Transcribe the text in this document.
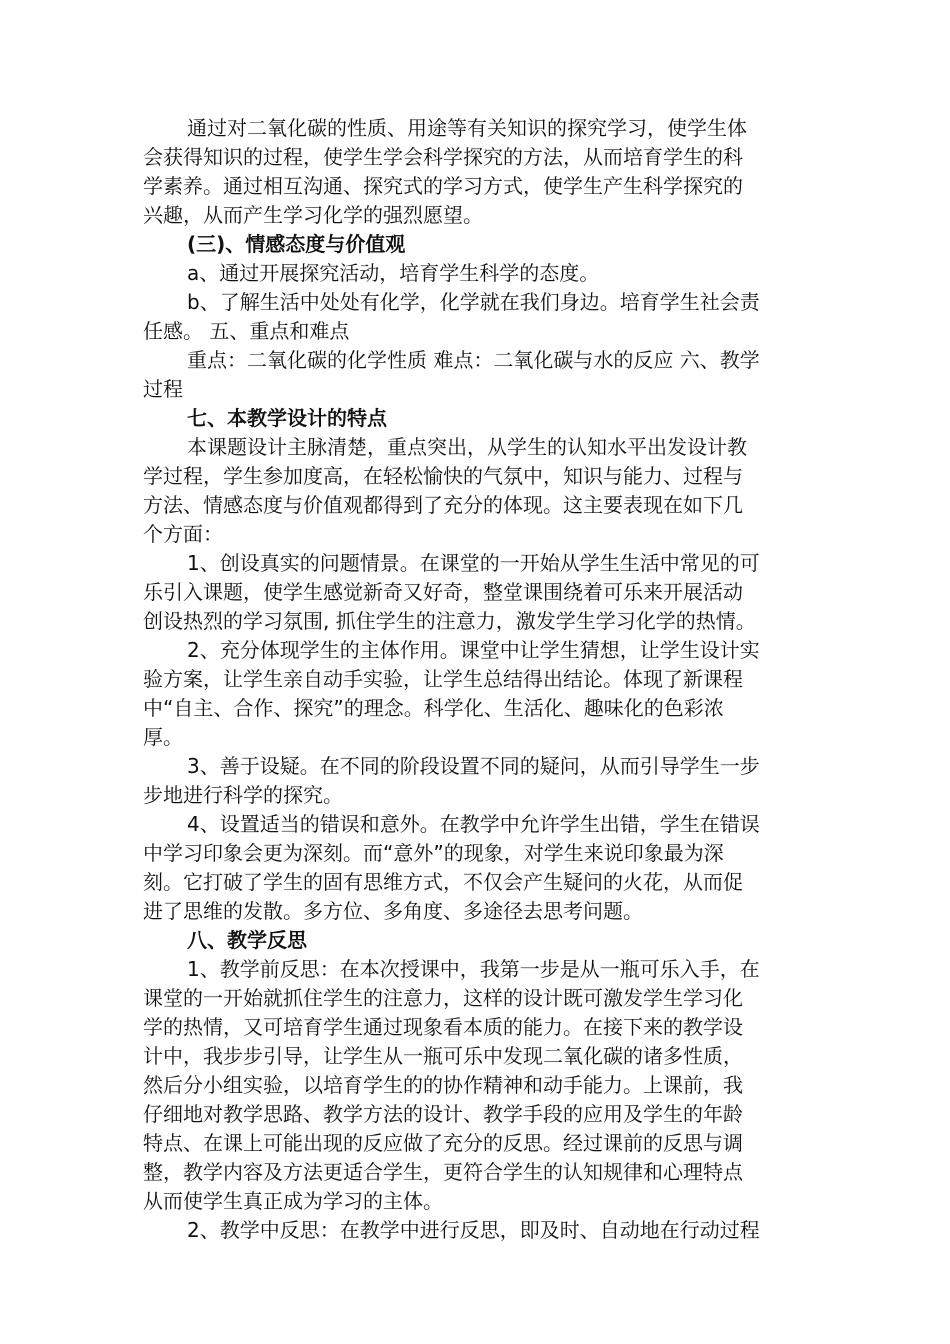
通过对二氧化碳的性质、用途等有关知识的探究学习，使学生体
会获得知识的过程，使学生学会科学探究的方法，从而培育学生的科
学素养。通过相互沟通、探究式的学习方式，使学生产生科学探究的
兴趣，从而产生学习化学的强烈愿望。
(三)、情感态度与价值观
a、通过开展探究活动，培育学生科学的态度。
b、了解生活中处处有化学，化学就在我们身边。培育学生社会责
任感。 五、重点和难点
重点：二氧化碳的化学性质 难点：二氧化碳与水的反应 六、教学
过程
七、本教学设计的特点
本课题设计主脉清楚，重点突出，从学生的认知水平出发设计教
学过程，学生参加度高，在轻松愉快的气氛中，知识与能力、过程与
方法、情感态度与价值观都得到了充分的体现。这主要表现在如下几
个方面：
1、创设真实的问题情景。在课堂的一开始从学生生活中常见的可
乐引入课题，使学生感觉新奇又好奇，整堂课围绕着可乐来开展活动
创设热烈的学习氛围, 抓住学生的注意力，激发学生学习化学的热情。
2、充分体现学生的主体作用。课堂中让学生猜想，让学生设计实
验方案，让学生亲自动手实验，让学生总结得出结论。体现了新课程
中“自主、合作、探究”的理念。科学化、生活化、趣味化的色彩浓
厚。
3、善于设疑。在不同的阶段设置不同的疑问，从而引导学生一步
步地进行科学的探究。
4、设置适当的错误和意外。在教学中允许学生出错，学生在错误
中学习印象会更为深刻。而“意外”的现象，对学生来说印象最为深
刻。它打破了学生的固有思维方式，不仅会产生疑问的火花，从而促
进了思维的发散。多方位、多角度、多途径去思考问题。
八、教学反思
1、教学前反思：在本次授课中，我第一步是从一瓶可乐入手，在
课堂的一开始就抓住学生的注意力，这样的设计既可激发学生学习化
学的热情，又可培育学生通过现象看本质的能力。在接下来的教学设
计中，我步步引导，让学生从一瓶可乐中发现二氧化碳的诸多性质，
然后分小组实验，以培育学生的的协作精神和动手能力。上课前，我
仔细地对教学思路、教学方法的设计、教学手段的应用及学生的年龄
特点、在课上可能出现的反应做了充分的反思。经过课前的反思与调
整，教学内容及方法更适合学生，更符合学生的认知规律和心理特点
从而使学生真正成为学习的主体。
2、教学中反思：在教学中进行反思，即及时、自动地在行动过程
